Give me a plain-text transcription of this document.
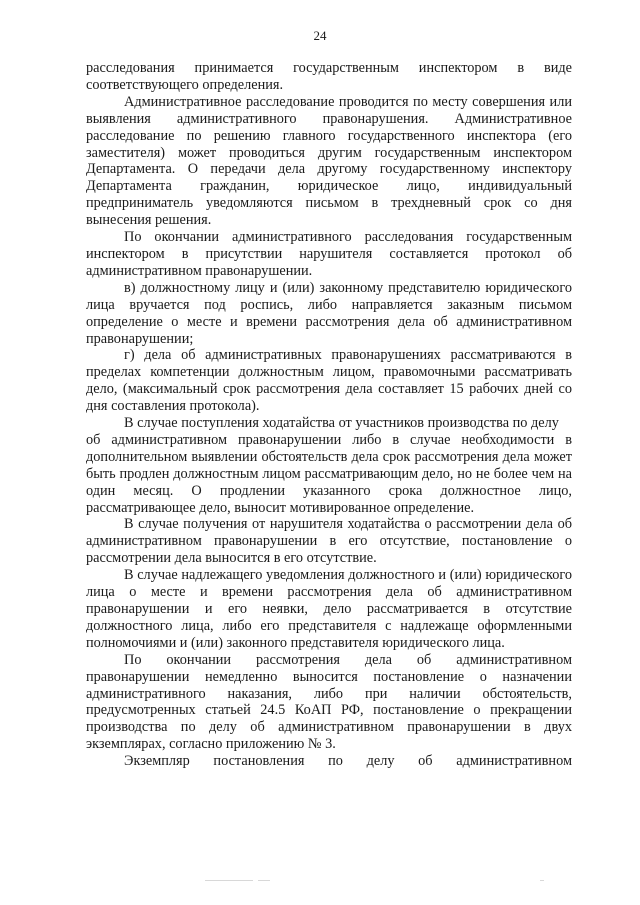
24

расследования принимается государственным инспектором в виде соответствующего определения.

Административное расследование проводится по месту совершения или выявления административного правонарушения. Административное расследование по решению главного государственного инспектора (его заместителя) может проводиться другим государственным инспектором Департамента. О передачи дела другому государственному инспектору Департамента гражданин, юридическое лицо, индивидуальный предприниматель уведомляются письмом в трехдневный срок со дня вынесения решения.

По окончании административного расследования государственным инспектором в присутствии нарушителя составляется протокол об административном правонарушении.

в) должностному лицу и (или) законному представителю юридического лица вручается под роспись, либо направляется заказным письмом определение о месте и времени рассмотрения дела об административном правонарушении;

г) дела об административных правонарушениях рассматриваются в пределах компетенции должностным лицом, правомочными рассматривать дело, (максимальный срок рассмотрения дела составляет 15 рабочих дней со дня составления протокола).

В случае поступления ходатайства от участников производства по делу

об административном правонарушении либо в случае необходимости в дополнительном выявлении обстоятельств дела срок рассмотрения дела может быть продлен должностным лицом рассматривающим дело, но не более чем на один месяц. О продлении указанного срока должностное лицо, рассматривающее дело, выносит мотивированное определение.

В случае получения от нарушителя ходатайства о рассмотрении дела об административном правонарушении в его отсутствие, постановление о рассмотрении дела выносится в его отсутствие.

В случае надлежащего уведомления должностного и (или) юридического лица о месте и времени рассмотрения дела об административном правонарушении и его неявки, дело рассматривается в отсутствие должностного лица, либо его представителя с надлежаще оформленными полномочиями и (или) законного представителя юридического лица.

По окончании рассмотрения дела об административном правонарушении немедленно выносится постановление о назначении административного наказания, либо при наличии обстоятельств, предусмотренных статьей 24.5 КоАП РФ, постановление о прекращении производства по делу об административном правонарушении в двух экземплярах, согласно приложению № 3.

Экземпляр постановления по делу об административном
